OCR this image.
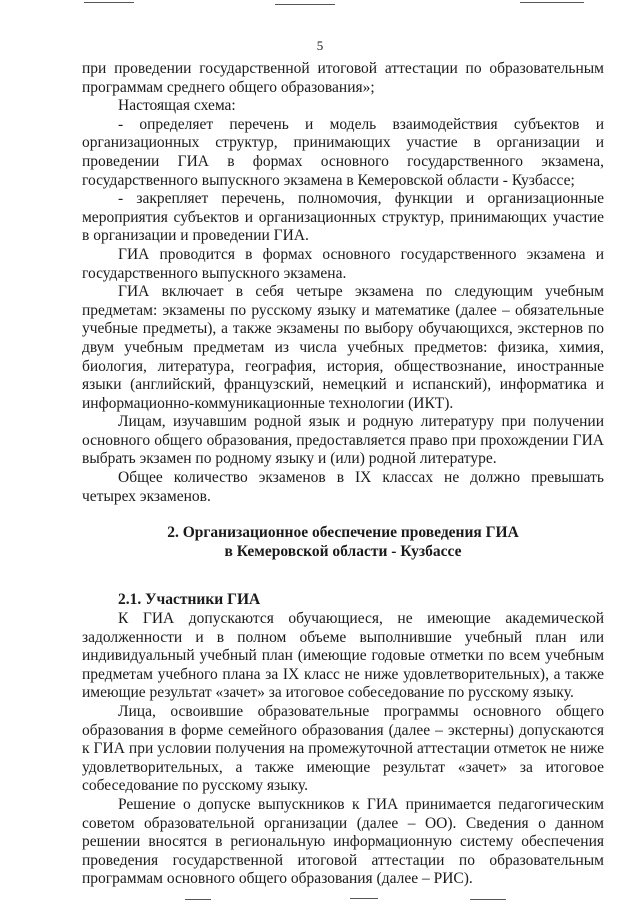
5

при проведении государственной итоговой аттестации по образовательным программам среднего общего образования»;

Настоящая схема:

- определяет перечень и модель взаимодействия субъектов и организационных структур, принимающих участие в организации и проведении ГИА в формах основного государственного экзамена, государственного выпускного экзамена в Кемеровской области - Кузбассе;

- закрепляет перечень, полномочия, функции и организационные мероприятия субъектов и организационных структур, принимающих участие в организации и проведении ГИА.

ГИА проводится в формах основного государственного экзамена и государственного выпускного экзамена.

ГИА включает в себя четыре экзамена по следующим учебным предметам: экзамены по русскому языку и математике (далее – обязательные учебные предметы), а также экзамены по выбору обучающихся, экстернов по двум учебным предметам из числа учебных предметов: физика, химия, биология, литература, география, история, обществознание, иностранные языки (английский, французский, немецкий и испанский), информатика и информационно-коммуникационные технологии (ИКТ).

Лицам, изучавшим родной язык и родную литературу при получении основного общего образования, предоставляется право при прохождении ГИА выбрать экзамен по родному языку и (или) родной литературе.

Общее количество экзаменов в IX классах не должно превышать четырех экзаменов.

2. Организационное обеспечение проведения ГИА
в Кемеровской области - Кузбассе

2.1. Участники ГИА

К ГИА допускаются обучающиеся, не имеющие академической задолженности и в полном объеме выполнившие учебный план или индивидуальный учебный план (имеющие годовые отметки по всем учебным предметам учебного плана за IX класс не ниже удовлетворительных), а также имеющие результат «зачет» за итоговое собеседование по русскому языку.

Лица, освоившие образовательные программы основного общего образования в форме семейного образования (далее – экстерны) допускаются к ГИА при условии получения на промежуточной аттестации отметок не ниже удовлетворительных, а также имеющие результат «зачет» за итоговое собеседование по русскому языку.

Решение о допуске выпускников к ГИА принимается педагогическим советом образовательной организации (далее – ОО). Сведения о данном решении вносятся в региональную информационную систему обеспечения проведения государственной итоговой аттестации по образовательным программам основного общего образования (далее – РИС).
